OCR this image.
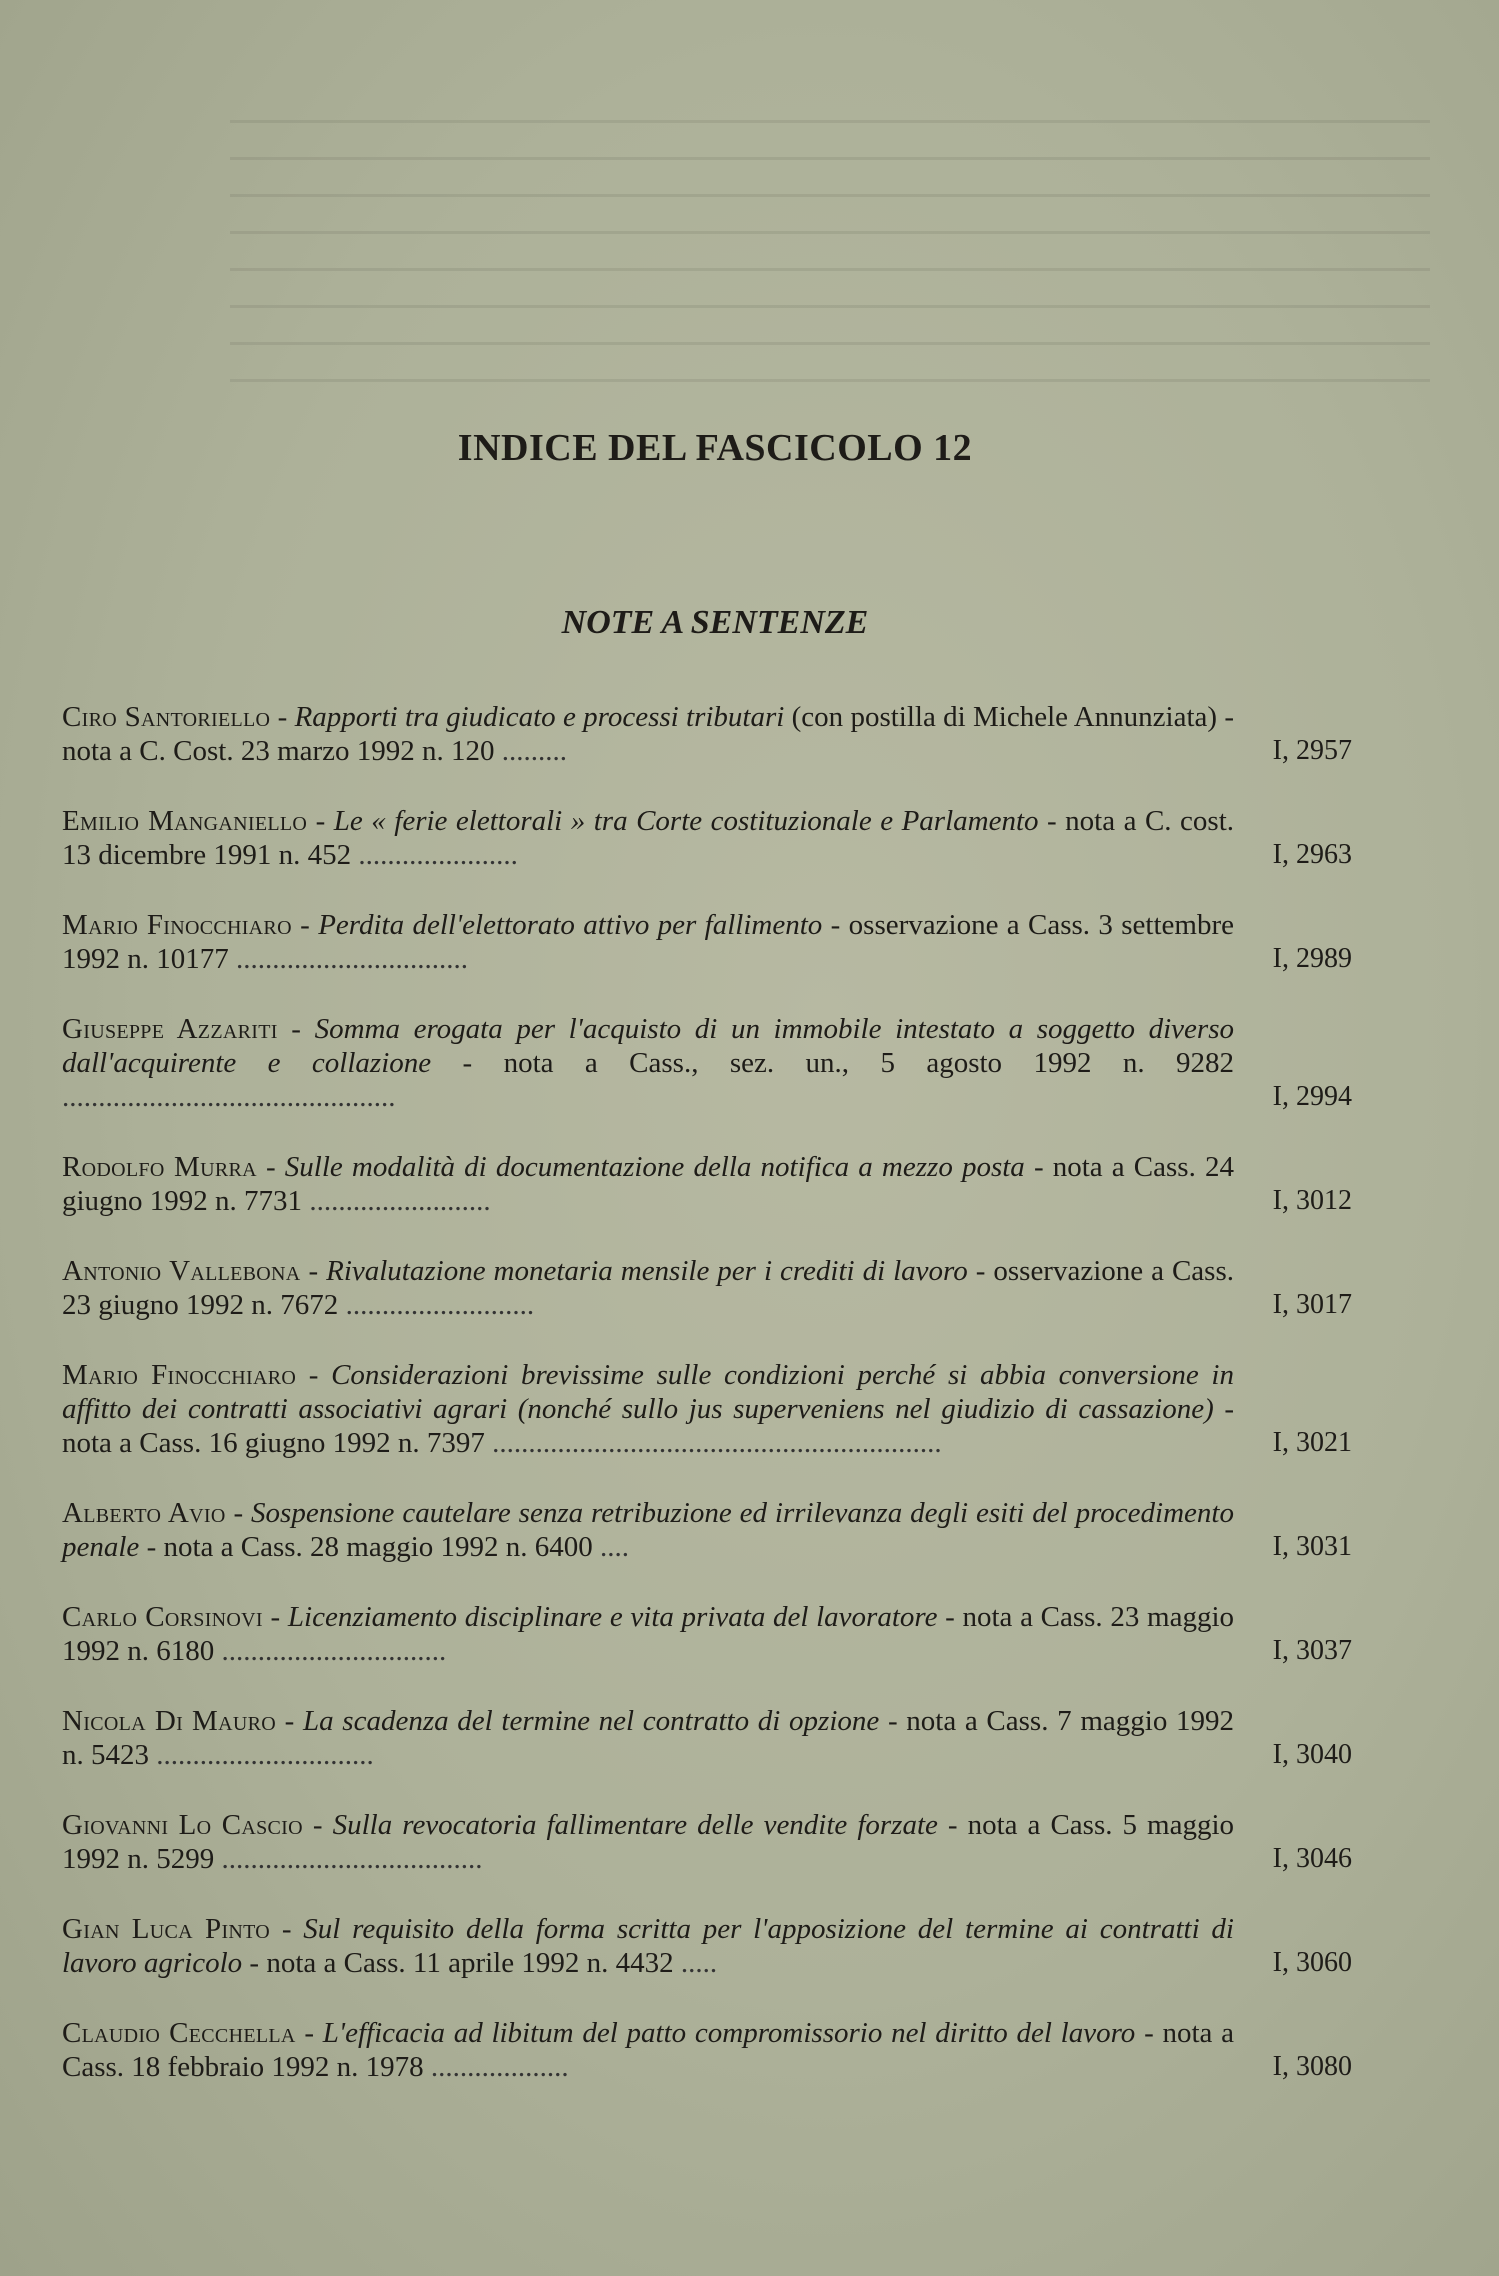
INDICE DEL FASCICOLO 12
NOTE A SENTENZE
Ciro Santoriello - Rapporti tra giudicato e processi tributari (con postilla di Michele Annunziata) - nota a C. Cost. 23 marzo 1992 n. 120 .........	I, 2957
Emilio Manganiello - Le « ferie elettorali » tra Corte costituzionale e Parlamento - nota a C. cost. 13 dicembre 1991 n. 452 ......................	I, 2963
Mario Finocchiaro - Perdita dell'elettorato attivo per fallimento - osservazione a Cass. 3 settembre 1992 n. 10177 ................................	I, 2989
Giuseppe Azzariti - Somma erogata per l'acquisto di un immobile intestato a soggetto diverso dall'acquirente e collazione - nota a Cass., sez. un., 5 agosto 1992 n. 9282 ..............................................	I, 2994
Rodolfo Murra - Sulle modalità di documentazione della notifica a mezzo posta - nota a Cass. 24 giugno 1992 n. 7731 .........................	I, 3012
Antonio Vallebona - Rivalutazione monetaria mensile per i crediti di lavoro - osservazione a Cass. 23 giugno 1992 n. 7672 ..........................	I, 3017
Mario Finocchiaro - Considerazioni brevissime sulle condizioni perché si abbia conversione in affitto dei contratti associativi agrari (nonché sullo jus superveniens nel giudizio di cassazione) - nota a Cass. 16 giugno 1992 n. 7397 ..............................................................	I, 3021
Alberto Avio - Sospensione cautelare senza retribuzione ed irrilevanza degli esiti del procedimento penale - nota a Cass. 28 maggio 1992 n. 6400 ....	I, 3031
Carlo Corsinovi - Licenziamento disciplinare e vita privata del lavoratore - nota a Cass. 23 maggio 1992 n. 6180 ...............................	I, 3037
Nicola Di Mauro - La scadenza del termine nel contratto di opzione - nota a Cass. 7 maggio 1992 n. 5423 ..............................	I, 3040
Giovanni Lo Cascio - Sulla revocatoria fallimentare delle vendite forzate - nota a Cass. 5 maggio 1992 n. 5299 ....................................	I, 3046
Gian Luca Pinto - Sul requisito della forma scritta per l'apposizione del termine ai contratti di lavoro agricolo - nota a Cass. 11 aprile 1992 n. 4432 .....	I, 3060
Claudio Cecchella - L'efficacia ad libitum del patto compromissorio nel diritto del lavoro - nota a Cass. 18 febbraio 1992 n. 1978 ...................	I, 3080
